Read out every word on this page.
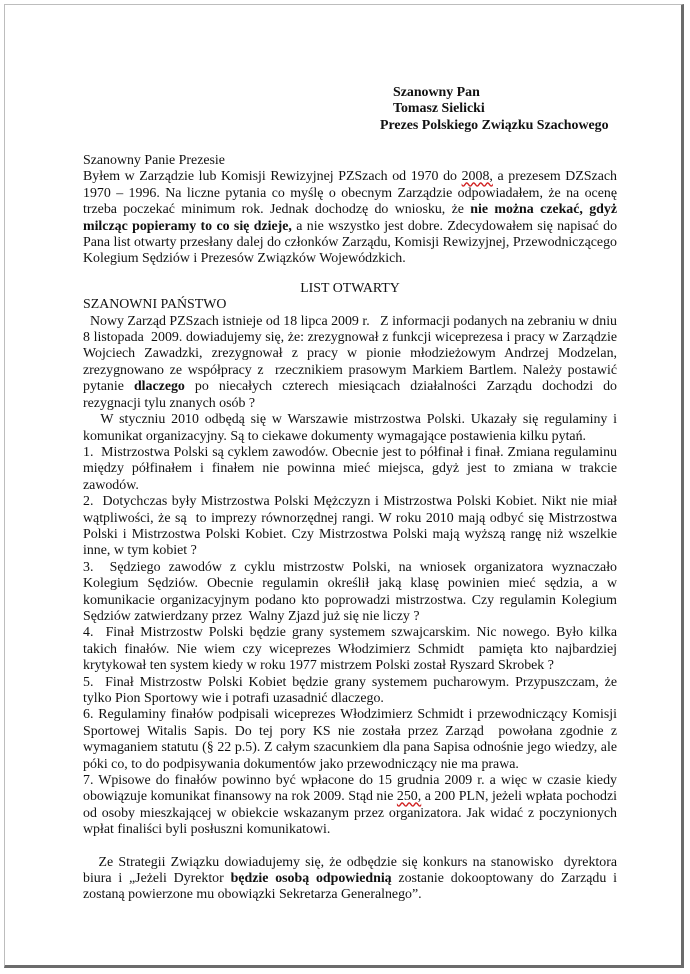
Szanowny Pan
Tomasz Sielicki
Prezes Polskiego Związku Szachowego

Szanowny Panie Prezesie

Byłem w Zarządzie lub Komisji Rewizyjnej PZSzach od 1970 do 2008, a prezesem DZSzach 1970 – 1996. Na liczne pytania co myślę o obecnym Zarządzie odpowiadałem, że na ocenę trzeba poczekać minimum rok. Jednak dochodzę do wniosku, że nie można czekać, gdyż milcząc popieramy to co się dzieje, a nie wszystko jest dobre. Zdecydowałem się napisać do Pana list otwarty przesłany dalej do członków Zarządu, Komisji Rewizyjnej, Przewodniczącego Kolegium Sędziów i Prezesów Związków Wojewódzkich.

LIST OTWARTY

SZANOWNI PAŃSTWO

Nowy Zarząd PZSzach istnieje od 18 lipca 2009 r.   Z informacji podanych na zebraniu w dniu 8 listopada  2009. dowiadujemy się, że: zrezygnował z funkcji wiceprezesa i pracy w Zarządzie Wojciech Zawadzki, zrezygnował z pracy w pionie młodzieżowym Andrzej Modzelan, zrezygnowano ze współpracy z  rzecznikiem prasowym Markiem Bartlem. Należy postawić pytanie dlaczego po niecałych czterech miesiącach działalności Zarządu dochodzi do rezygnacji tylu znanych osób ?

W styczniu 2010 odbędą się w Warszawie mistrzostwa Polski. Ukazały się regulaminy i komunikat organizacyjny. Są to ciekawe dokumenty wymagające postawienia kilku pytań.

1.  Mistrzostwa Polski są cyklem zawodów. Obecnie jest to półfinał i finał. Zmiana regulaminu między półfinałem i finałem nie powinna mieć miejsca, gdyż jest to zmiana w trakcie zawodów.

2.  Dotychczas były Mistrzostwa Polski Mężczyzn i Mistrzostwa Polski Kobiet. Nikt nie miał wątpliwości, że są  to imprezy równorzędnej rangi. W roku 2010 mają odbyć się Mistrzostwa Polski i Mistrzostwa Polski Kobiet. Czy Mistrzostwa Polski mają wyższą rangę niż wszelkie inne, w tym kobiet ?

3.  Sędziego zawodów z cyklu mistrzostw Polski, na wniosek organizatora wyznaczało Kolegium Sędziów. Obecnie regulamin określił jaką klasę powinien mieć sędzia, a w komunikacie organizacyjnym podano kto poprowadzi mistrzostwa. Czy regulamin Kolegium Sędziów zatwierdzany przez  Walny Zjazd już się nie liczy ?

4.  Finał Mistrzostw Polski będzie grany systemem szwajcarskim. Nic nowego. Było kilka takich finałów. Nie wiem czy wiceprezes Włodzimierz Schmidt  pamięta kto najbardziej krytykował ten system kiedy w roku 1977 mistrzem Polski został Ryszard Skrobek ?

5.  Finał Mistrzostw Polski Kobiet będzie grany systemem pucharowym. Przypuszczam, że tylko Pion Sportowy wie i potrafi uzasadnić dlaczego.

6. Regulaminy finałów podpisali wiceprezes Włodzimierz Schmidt i przewodniczący Komisji Sportowej Witalis Sapis. Do tej pory KS nie została przez Zarząd  powołana zgodnie z wymaganiem statutu (§ 22 p.5). Z całym szacunkiem dla pana Sapisa odnośnie jego wiedzy, ale póki co, to do podpisywania dokumentów jako przewodniczący nie ma prawa.

7. Wpisowe do finałów powinno być wpłacone do 15 grudnia 2009 r. a więc w czasie kiedy obowiązuje komunikat finansowy na rok 2009. Stąd nie 250, a 200 PLN, jeżeli wpłata pochodzi od osoby mieszkającej w obiekcie wskazanym przez organizatora. Jak widać z poczynionych wpłat finaliści byli posłuszni komunikatowi.

Ze Strategii Związku dowiadujemy się, że odbędzie się konkurs na stanowisko  dyrektora biura i „Jeżeli Dyrektor będzie osobą odpowiednią zostanie dokooptowany do Zarządu i zostaną powierzone mu obowiązki Sekretarza Generalnego”.
